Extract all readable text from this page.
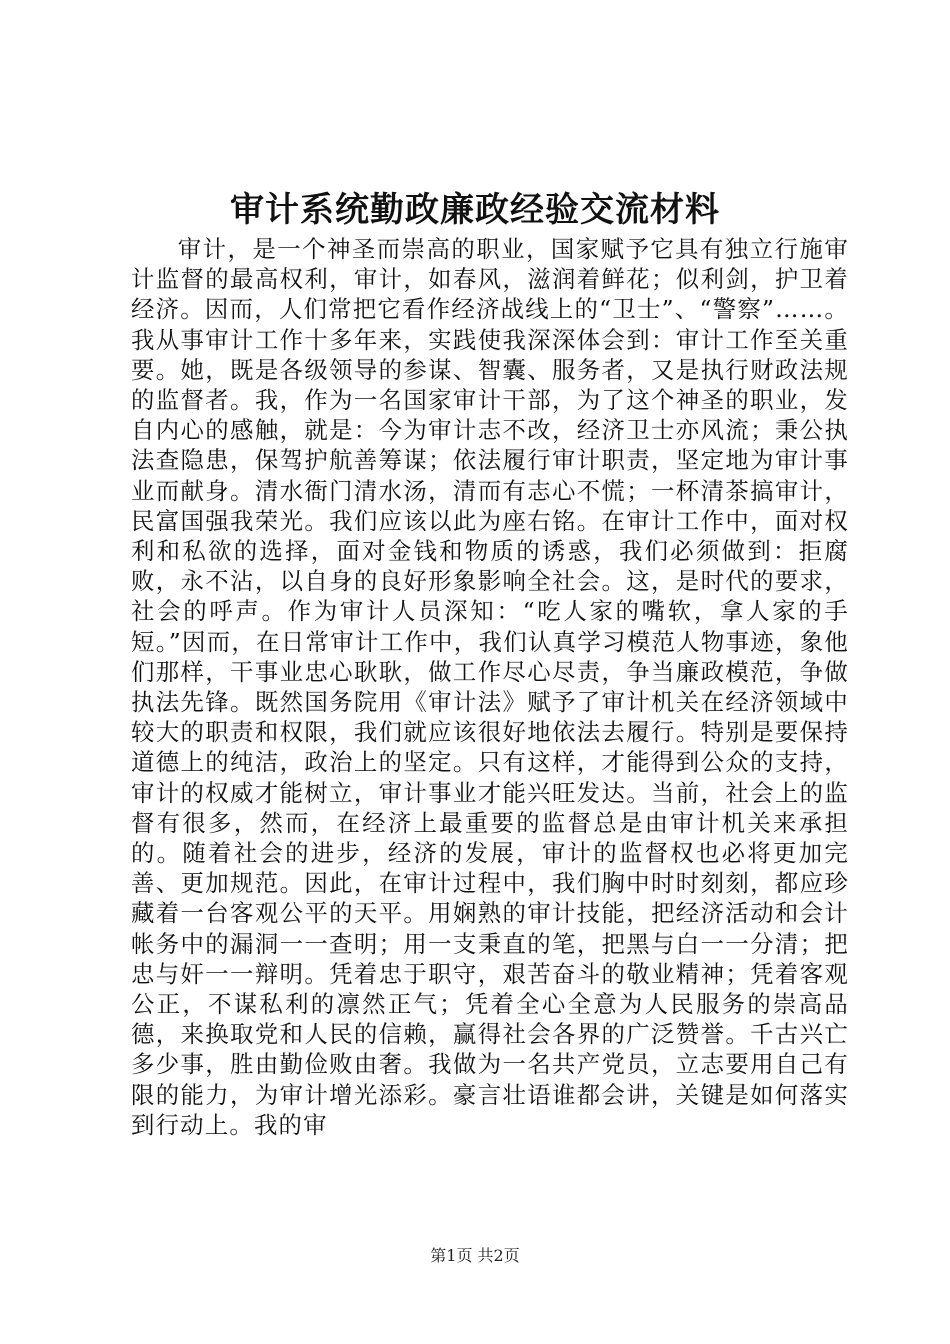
审计系统勤政廉政经验交流材料

审计，是一个神圣而崇高的职业，国家赋予它具有独立行施审计监督的最高权利，审计，如春风，滋润着鲜花；似利剑，护卫着经济。因而，人们常把它看作经济战线上的“卫士”、“警察”……。我从事审计工作十多年来，实践使我深深体会到：审计工作至关重要。她，既是各级领导的参谋、智囊、服务者，又是执行财政法规的监督者。我，作为一名国家审计干部，为了这个神圣的职业，发自内心的感触，就是：今为审计志不改，经济卫士亦风流；秉公执法查隐患，保驾护航善筹谋；依法履行审计职责，坚定地为审计事业而献身。清水衙门清水汤，清而有志心不慌；一杯清茶搞审计，民富国强我荣光。我们应该以此为座右铭。在审计工作中，面对权利和私欲的选择，面对金钱和物质的诱惑，我们必须做到：拒腐败，永不沾，以自身的良好形象影响全社会。这，是时代的要求，社会的呼声。作为审计人员深知：“吃人家的嘴软，拿人家的手短。”因而，在日常审计工作中，我们认真学习模范人物事迹，象他们那样，干事业忠心耿耿，做工作尽心尽责，争当廉政模范，争做执法先锋。既然国务院用《审计法》赋予了审计机关在经济领域中较大的职责和权限，我们就应该很好地依法去履行。特别是要保持道德上的纯洁，政治上的坚定。只有这样，才能得到公众的支持，审计的权威才能树立，审计事业才能兴旺发达。当前，社会上的监督有很多，然而，在经济上最重要的监督总是由审计机关来承担的。随着社会的进步，经济的发展，审计的监督权也必将更加完善、更加规范。因此，在审计过程中，我们胸中时时刻刻，都应珍藏着一台客观公平的天平。用娴熟的审计技能，把经济活动和会计帐务中的漏洞一一查明；用一支秉直的笔，把黑与白一一分清；把忠与奸一一辩明。凭着忠于职守，艰苦奋斗的敬业精神；凭着客观公正，不谋私利的凛然正气；凭着全心全意为人民服务的崇高品德，来换取党和人民的信赖，赢得社会各界的广泛赞誉。千古兴亡多少事，胜由勤俭败由奢。我做为一名共产党员，立志要用自己有限的能力，为审计增光添彩。豪言壮语谁都会讲，关键是如何落实到行动上。我的审

第1页 共2页
